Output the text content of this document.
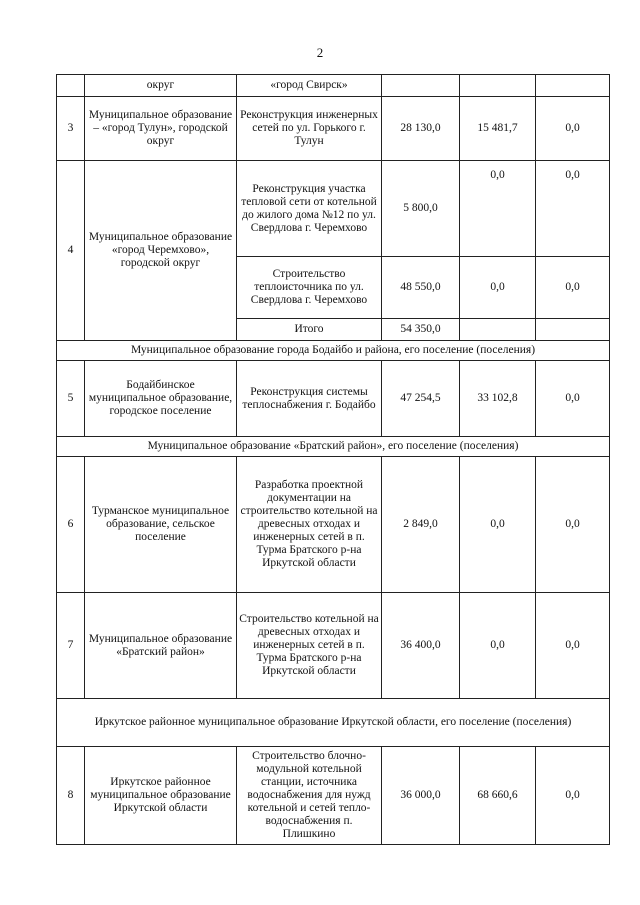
2
	округ	«город Свирск»			
3	Муниципальное образование – «город Тулун», городской округ	Реконструкция инженерных сетей по ул. Горького г. Тулун	28 130,0	15 481,7	0,0
4	Муниципальное образование «город Черемхово», городской округ	Реконструкция участка тепловой сети от котельной до жилого дома №12 по ул. Свердлова г. Черемхово	5 800,0	0,0	0,0
		Строительство теплоисточника по ул. Свердлова г. Черемхово	48 550,0	0,0	0,0
		Итого	54 350,0		
Муниципальное образование города Бодайбо и района, его поселение (поселения)					
5	Бодайбинское муниципальное образование, городское поселение	Реконструкция системы теплоснабжения г. Бодайбо	47 254,5	33 102,8	0,0
Муниципальное образование «Братский район», его поселение (поселения)					
6	Турманское муниципальное образование, сельское поселение	Разработка проектной документации на строительство котельной на древесных отходах и инженерных сетей в п. Турма Братского р-на Иркутской области	2 849,0	0,0	0,0
7	Муниципальное образование «Братский район»	Строительство котельной на древесных отходах и инженерных сетей в п. Турма Братского р-на Иркутской области	36 400,0	0,0	0,0
Иркутское районное муниципальное образование Иркутской области, его поселение (поселения)					
8	Иркутское районное муниципальное образование Иркутской области	Строительство блочно-модульной котельной станции, источника водоснабжения для нужд котельной и сетей тепло- водоснабжения п. Плишкино	36 000,0	68 660,6	0,0
